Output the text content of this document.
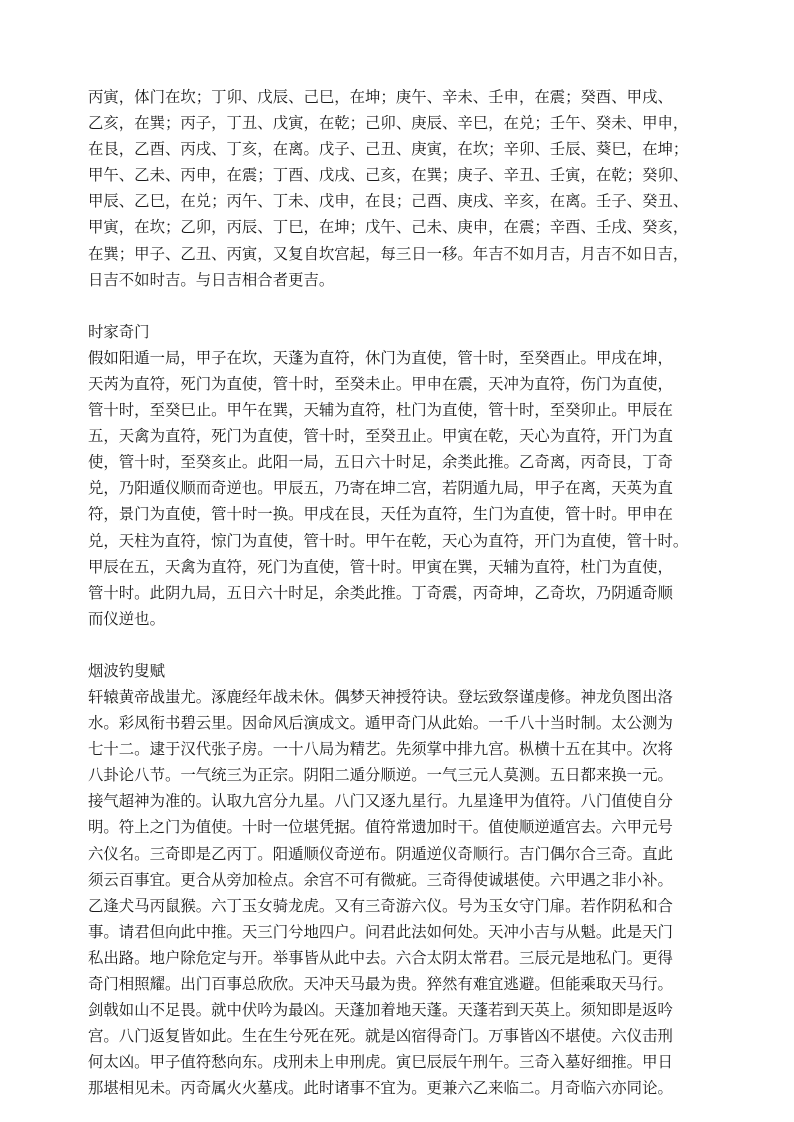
丙寅，体门在坎；丁卯、戊辰、己巳，在坤；庚午、辛未、壬申，在震；癸酉、甲戌、
乙亥，在巽；丙子，丁丑、戊寅，在乾；己卯、庚辰、辛巳，在兑；壬午、癸未、甲申，
在艮，乙酉、丙戌、丁亥，在离。戊子、己丑、庚寅，在坎；辛卯、壬辰、葵巳，在坤；
甲午、乙未、丙申，在震；丁酉、戊戌、己亥，在巽；庚子、辛丑、壬寅，在乾；癸卯、
甲辰、乙巳，在兑；丙午、丁未、戊申，在艮；己酉、庚戌、辛亥，在离。壬子、癸丑、
甲寅，在坎；乙卯，丙辰、丁巳，在坤；戊午、己未、庚申，在震；辛酉、壬戌、癸亥，
在巽；甲子、乙丑、丙寅，又复自坎宫起，每三日一移。年吉不如月吉，月吉不如日吉，
日吉不如时吉。与日吉相合者更吉。
时家奇门
假如阳遁一局，甲子在坎，天蓬为直符，休门为直使，管十时，至癸酉止。甲戌在坤，
天芮为直符，死门为直使，管十时，至癸未止。甲申在震，天冲为直符，伤门为直使，
管十时，至癸巳止。甲午在巽，天辅为直符，杜门为直使，管十时，至癸卯止。甲辰在
五，天禽为直符，死门为直使，管十时，至癸丑止。甲寅在乾，天心为直符，开门为直
使，管十时，至癸亥止。此阳一局，五日六十时足，余类此推。乙奇离，丙奇艮，丁奇
兑，乃阳遁仪顺而奇逆也。甲辰五，乃寄在坤二宫，若阴遁九局，甲子在离，天英为直
符，景门为直使，管十时一换。甲戌在艮，天任为直符，生门为直使，管十时。甲申在
兑，天柱为直符，惊门为直使，管十时。甲午在乾，天心为直符，开门为直使，管十时。
甲辰在五，天禽为直符，死门为直使，管十时。甲寅在巽，天辅为直符，杜门为直使，
管十时。此阴九局，五日六十时足，余类此推。丁奇震，丙奇坤，乙奇坎，乃阴遁奇顺
而仪逆也。
烟波钓叟赋
轩辕黄帝战蚩尤。涿鹿经年战未休。偶梦天神授符诀。登坛致祭谨虔修。神龙负图出洛
水。彩凤衔书碧云里。因命风后演成文。遁甲奇门从此始。一千八十当时制。太公测为
七十二。逮于汉代张子房。一十八局为精艺。先须掌中排九宫。枞横十五在其中。次将
八卦论八节。一气统三为正宗。阴阳二遁分顺逆。一气三元人莫测。五日都来换一元。
接气超神为准的。认取九宫分九星。八门又逐九星行。九星逢甲为值符。八门值使自分
明。符上之门为值使。十时一位堪凭据。值符常遗加时干。值使顺逆遁宫去。六甲元号
六仪名。三奇即是乙丙丁。阳遁顺仪奇逆布。阴遁逆仪奇顺行。吉门偶尔合三奇。直此
须云百事宜。更合从旁加检点。余宫不可有微疵。三奇得使诚堪使。六甲遇之非小补。
乙逢犬马丙鼠猴。六丁玉女骑龙虎。又有三奇游六仪。号为玉女守门扉。若作阴私和合
事。请君但向此中推。天三门兮地四户。问君此法如何处。天冲小吉与从魁。此是天门
私出路。地户除危定与开。举事皆从此中去。六合太阴太常君。三辰元是地私门。更得
奇门相照耀。出门百事总欣欣。天冲天马最为贵。猝然有难宜逃避。但能乘取天马行。
剑戟如山不足畏。就中伏吟为最凶。天蓬加着地天蓬。天蓬若到天英上。须知即是返吟
宫。八门返复皆如此。生在生兮死在死。就是凶宿得奇门。万事皆凶不堪使。六仪击刑
何太凶。甲子值符愁向东。戌刑未上申刑虎。寅巳辰辰午刑午。三奇入墓好细推。甲日
那堪相见未。丙奇属火火墓戌。此时诸事不宜为。更兼六乙来临二。月奇临六亦同论。
